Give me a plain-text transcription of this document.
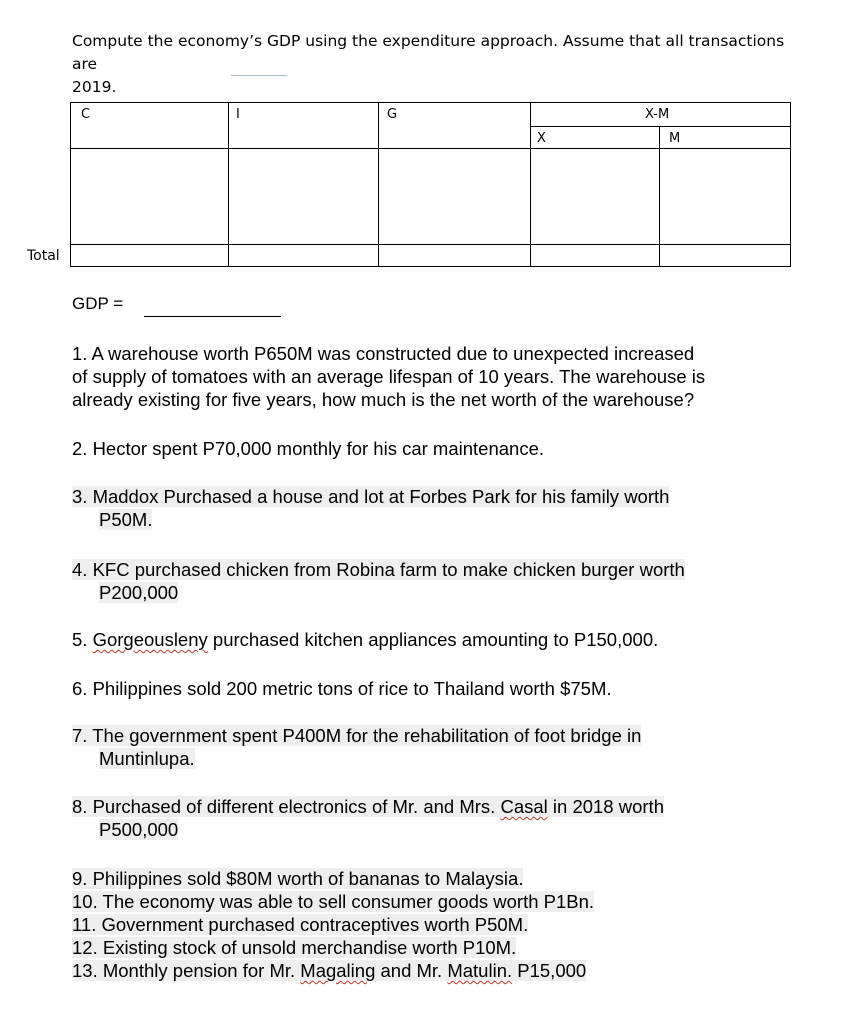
Compute the economy’s GDP using the expenditure approach. Assume that all transactions are
2019.
C	I	G	X-M
X	M
Total
GDP =
1. A warehouse worth P650M was constructed due to unexpected increased
of supply of tomatoes with an average lifespan of 10 years. The warehouse is
already existing for five years, how much is the net worth of the warehouse?
2. Hector spent P70,000 monthly for his car maintenance.
3. Maddox Purchased a house and lot at Forbes Park for his family worth
P50M.
4. KFC purchased chicken from Robina farm to make chicken burger worth
P200,000
5. Gorgeousleny purchased kitchen appliances amounting to P150,000.
6. Philippines sold 200 metric tons of rice to Thailand worth $75M.
7. The government spent P400M for the rehabilitation of foot bridge in
Muntinlupa.
8. Purchased of different electronics of Mr. and Mrs. Casal in 2018 worth
P500,000
9. Philippines sold $80M worth of bananas to Malaysia.
10. The economy was able to sell consumer goods worth P1Bn.
11. Government purchased contraceptives worth P50M.
12. Existing stock of unsold merchandise worth P10M.
13. Monthly pension for Mr. Magaling and Mr. Matulin. P15,000
